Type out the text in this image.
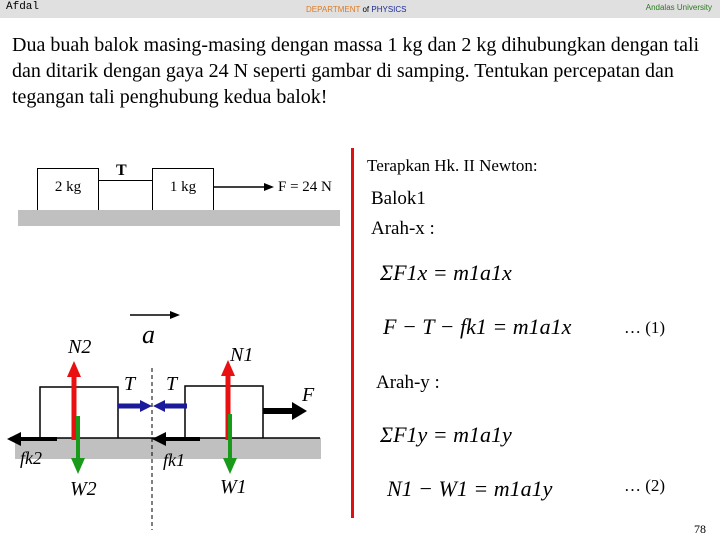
Afdal	DEPARTMENT of PHYSICS	Andalas University
Dua buah balok masing-masing dengan massa 1 kg dan 2 kg dihubungkan dengan tali dan ditarik dengan gaya 24 N seperti gambar di samping. Tentukan percepatan dan tegangan tali penghubung kedua balok!
2 kg	1 kg
T
F = 24 N
a
N2	N1
T T	F
fk2	fk1
W2	W1
Terapkan Hk. II Newton:
Balok1
Arah-x :
ΣF1x = m1a1x
F − T − fk1 = m1a1x	… (1)
Arah-y :
ΣF1y = m1a1y
N1 − W1 = m1a1y	… (2)
78
